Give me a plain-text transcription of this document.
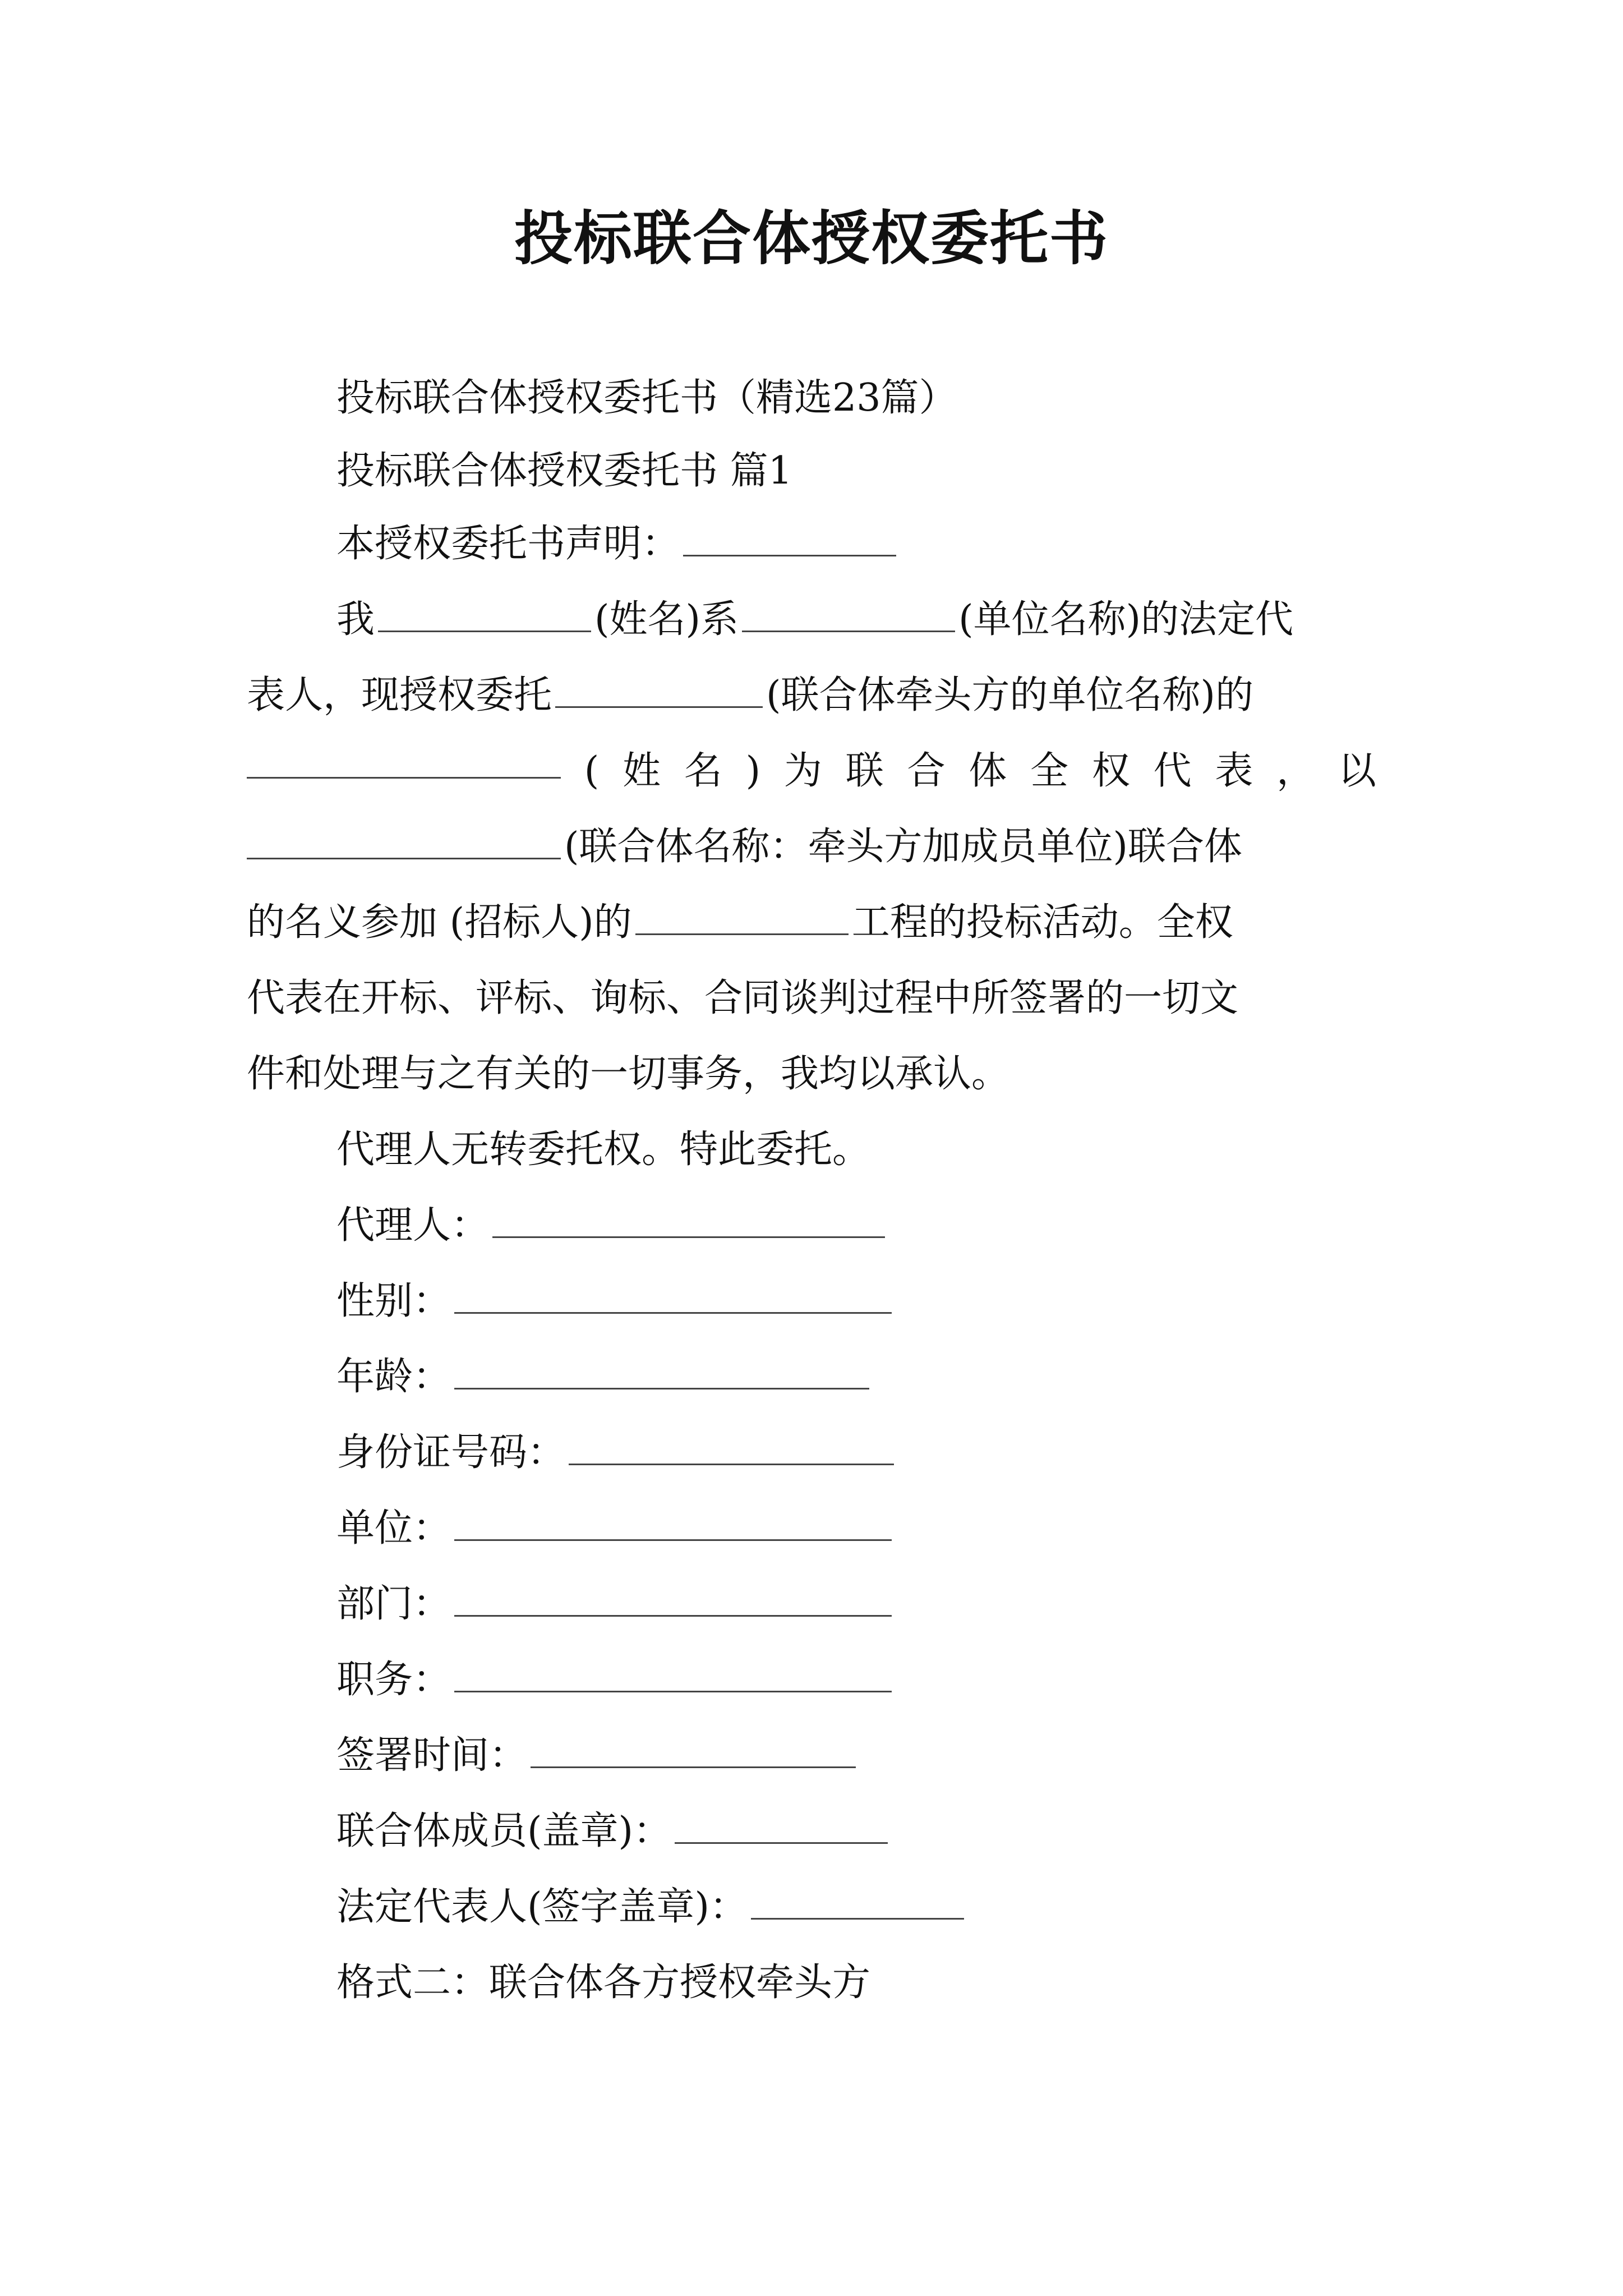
投标联合体授权委托书
投标联合体授权委托书（精选23篇）
投标联合体授权委托书 篇1
本授权委托书声明：
我	(姓名)系	(单位名称)的法定代
表人，现授权委托	(联合体牵头方的单位名称)的
( 姓 名 ) 为 联 合 体 全 权 代 表 ， 以
(联合体名称：牵头方加成员单位)联合体
的名义参加 (招标人)的	工程的投标活动。全权
代表在开标、评标、询标、合同谈判过程中所签署的一切文
件和处理与之有关的一切事务，我均以承认。
代理人无转委托权。特此委托。
代理人：
性别：
年龄：
身份证号码：
单位：
部门：
职务：
签署时间：
联合体成员(盖章)：
法定代表人(签字盖章)：
格式二：联合体各方授权牵头方
